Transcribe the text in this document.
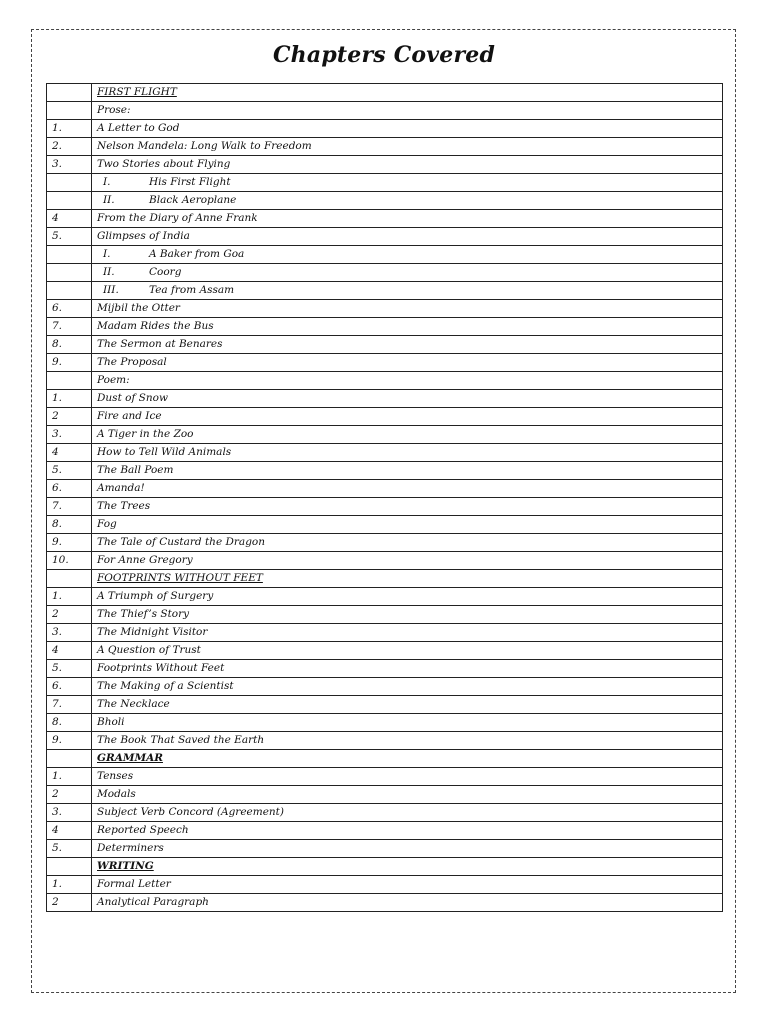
Chapters Covered
	FIRST FLIGHT
	Prose:
1.	A Letter to God
2.	Nelson Mandela: Long Walk to Freedom
3.	Two Stories about Flying
	I. His First Flight
	II. Black Aeroplane
4	From the Diary of Anne Frank
5.	Glimpses of India
	I. A Baker from Goa
	II. Coorg
	III. Tea from Assam
6.	Mijbil the Otter
7.	Madam Rides the Bus
8.	The Sermon at Benares
9.	The Proposal
	Poem:
1.	Dust of Snow
2	Fire and Ice
3.	A Tiger in the Zoo
4	How to Tell Wild Animals
5.	The Ball Poem
6.	Amanda!
7.	The Trees
8.	Fog
9.	The Tale of Custard the Dragon
10.	For Anne Gregory
	FOOTPRINTS WITHOUT FEET
1.	A Triumph of Surgery
2	The Thief’s Story
3.	The Midnight Visitor
4	A Question of Trust
5.	Footprints Without Feet
6.	The Making of a Scientist
7.	The Necklace
8.	Bholi
9.	The Book That Saved the Earth
	GRAMMAR
1.	Tenses
2	Modals
3.	Subject Verb Concord (Agreement)
4	Reported Speech
5.	Determiners
	WRITING
1.	Formal Letter
2	Analytical Paragraph
